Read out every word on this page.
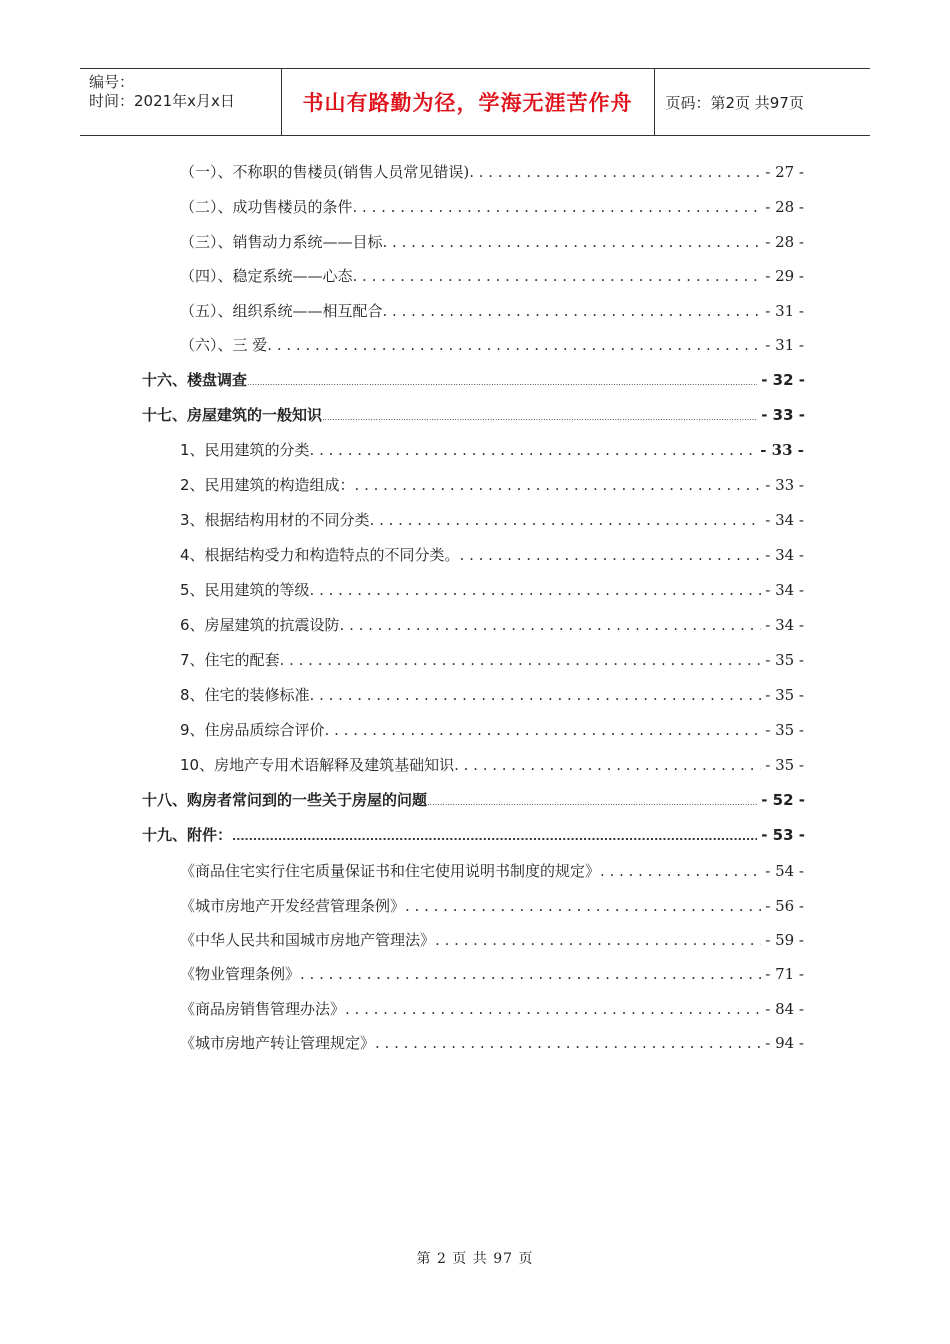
编号：
时间：2021年x月x日	书山有路勤为径，学海无涯苦作舟	页码：第2页 共97页
（一）、不称职的售楼员(销售人员常见错误) . . .	- 27 -
（二）、成功售楼员的条件 . . .	- 28 -
（三）、销售动力系统——目标 . . .	- 28 -
（四）、稳定系统——心态 . . .	- 29 -
（五）、组织系统——相互配合 . . .	- 31 -
（六）、三 爱 . . .	- 31 -
十六、楼盘调查 .....	- 32 -
十七、房屋建筑的一般知识 .....	- 33 -
1、民用建筑的分类 . . .	- 33 -
2、民用建筑的构造组成： . . .	- 33 -
3、根据结构用材的不同分类 . . .	- 34 -
4、根据结构受力和构造特点的不同分类。 . . .	- 34 -
5、民用建筑的等级 . . .	- 34 -
6、房屋建筑的抗震设防 . . .	- 34 -
7、住宅的配套 . . .	- 35 -
8、住宅的装修标准 . . .	- 35 -
9、住房品质综合评价 . . .	- 35 -
10、房地产专用术语解释及建筑基础知识 . . .	- 35 -
十八、购房者常问到的一些关于房屋的问题 .....	- 52 -
十九、附件： .....	- 53 -
《商品住宅实行住宅质量保证书和住宅使用说明书制度的规定》 . . .	- 54 -
《城市房地产开发经营管理条例》 . . .	- 56 -
《中华人民共和国城市房地产管理法》 . . .	- 59 -
《物业管理条例》 . . .	- 71 -
《商品房销售管理办法》 . . .	- 84 -
《城市房地产转让管理规定》 . . .	- 94 -
第 2 页 共 97 页
